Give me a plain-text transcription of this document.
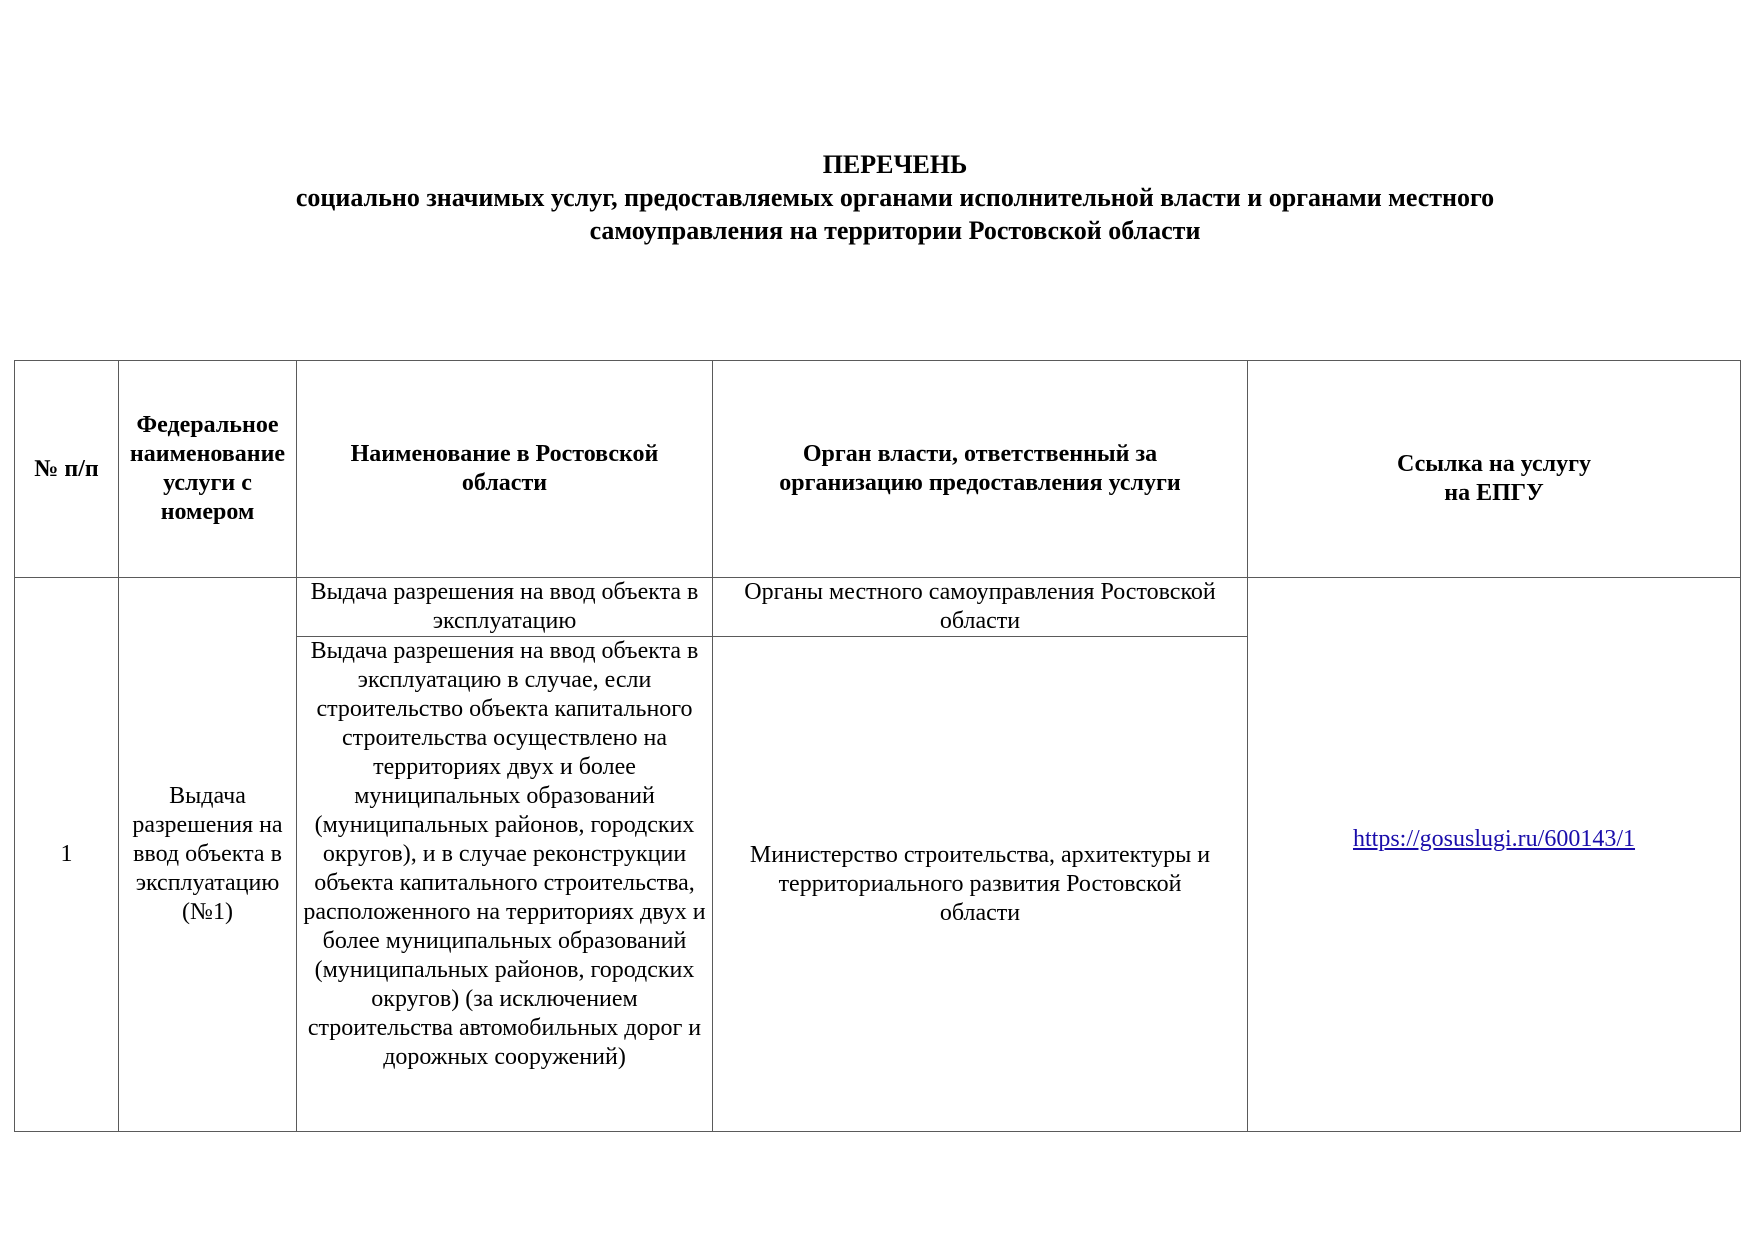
ПЕРЕЧЕНЬ
социально значимых услуг, предоставляемых органами исполнительной власти и органами местного
самоуправления на территории Ростовской области
№ п/п	Федеральное наименование услуги с номером	Наименование в Ростовской области	Орган власти, ответственный за организацию предоставления услуги	Ссылка на услугу
на ЕПГУ

1	Выдача разрешения на ввод объекта в эксплуатацию (№1)	Выдача разрешения на ввод объекта в эксплуатацию	Органы местного самоуправления Ростовской области	https://gosuslugi.ru/600143/1
		Выдача разрешения на ввод объекта в эксплуатацию в случае, если строительство объекта капитального строительства осуществлено на территориях двух и более муниципальных образований (муниципальных районов, городских округов), и в случае реконструкции объекта капитального строительства, расположенного на территориях двух и более муниципальных образований (муниципальных районов, городских округов) (за исключением строительства автомобильных дорог и дорожных сооружений)	Министерство строительства, архитектуры и территориального развития Ростовской области	
